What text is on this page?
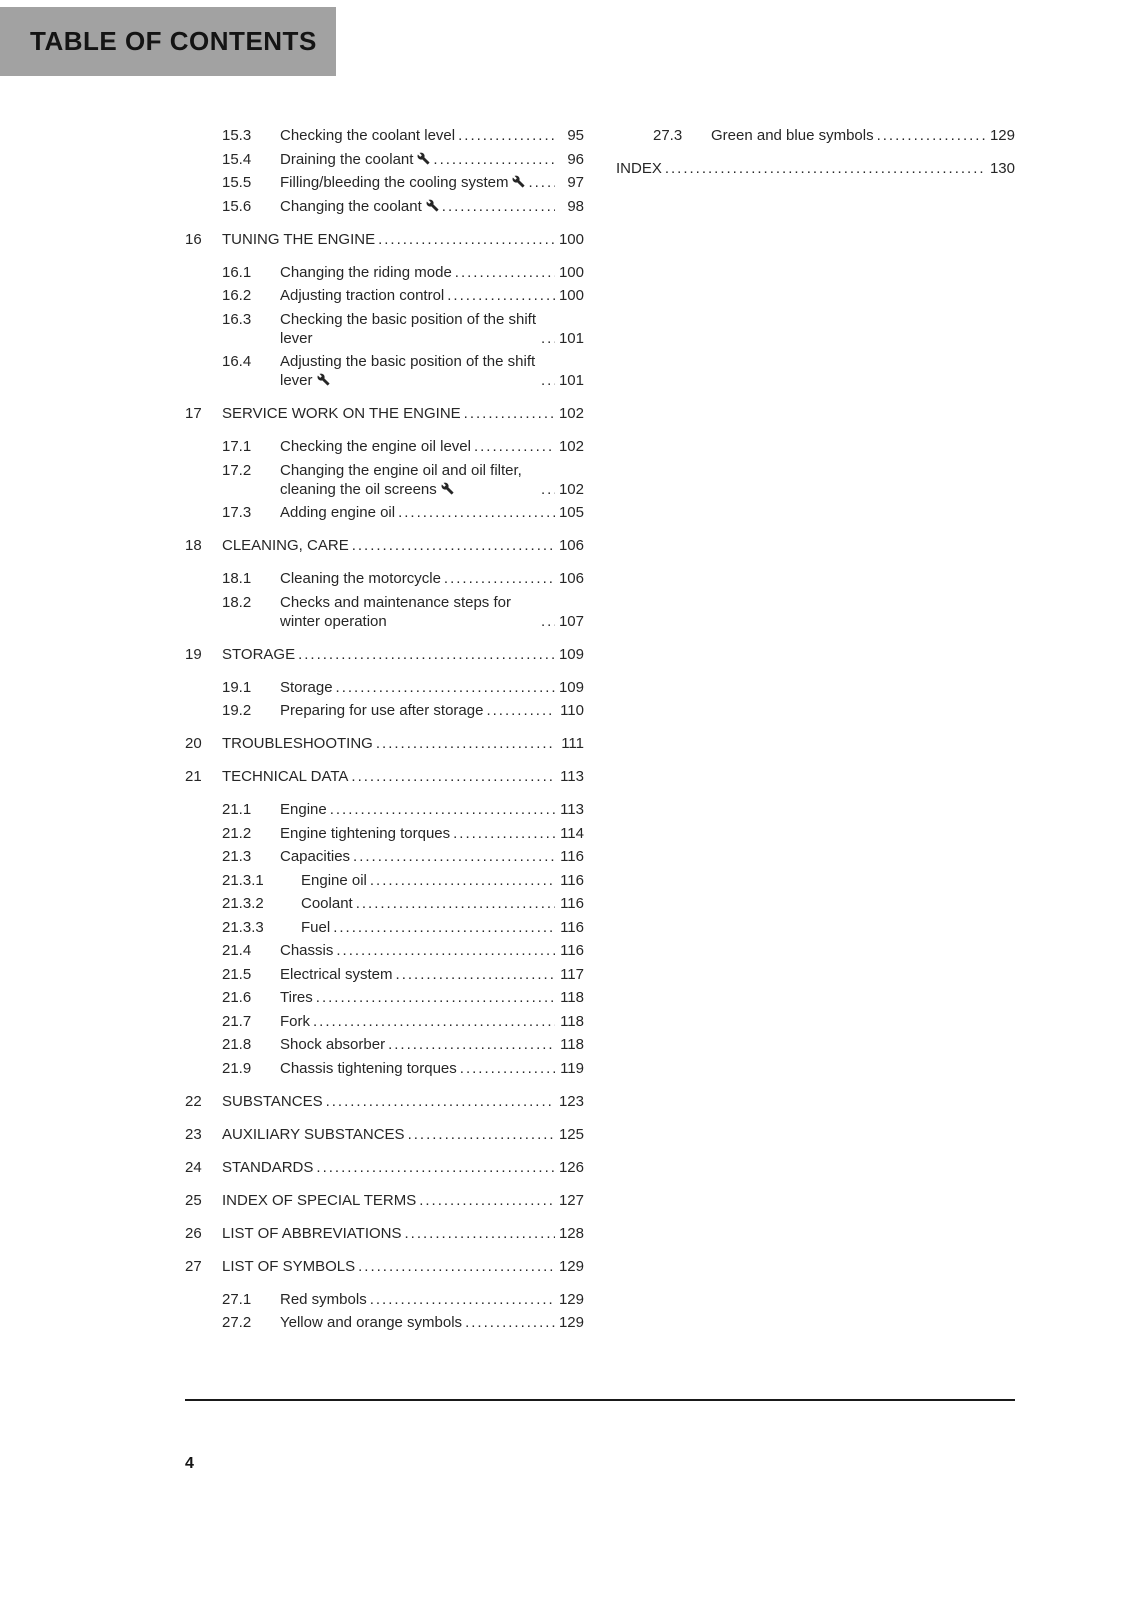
TABLE OF CONTENTS
15.3	Checking the coolant level .....	95
15.4	Draining the coolant .....	96
15.5	Filling/bleeding the cooling system .....	97
15.6	Changing the coolant .....	98
16	TUNING THE ENGINE .....	100
16.1	Changing the riding mode .....	100
16.2	Adjusting traction control .....	100
16.3	Checking the basic position of the shift lever .....	101
16.4	Adjusting the basic position of the shift lever .....	101
17	SERVICE WORK ON THE ENGINE .....	102
17.1	Checking the engine oil level .....	102
17.2	Changing the engine oil and oil filter, cleaning the oil screens .....	102
17.3	Adding engine oil .....	105
18	CLEANING, CARE .....	106
18.1	Cleaning the motorcycle .....	106
18.2	Checks and maintenance steps for winter operation .....	107
19	STORAGE .....	109
19.1	Storage .....	109
19.2	Preparing for use after storage .....	110
20	TROUBLESHOOTING .....	111
21	TECHNICAL DATA .....	113
21.1	Engine .....	113
21.2	Engine tightening torques .....	114
21.3	Capacities .....	116
21.3.1	Engine oil .....	116
21.3.2	Coolant .....	116
21.3.3	Fuel .....	116
21.4	Chassis .....	116
21.5	Electrical system .....	117
21.6	Tires .....	118
21.7	Fork .....	118
21.8	Shock absorber .....	118
21.9	Chassis tightening torques .....	119
22	SUBSTANCES .....	123
23	AUXILIARY SUBSTANCES .....	125
24	STANDARDS .....	126
25	INDEX OF SPECIAL TERMS .....	127
26	LIST OF ABBREVIATIONS .....	128
27	LIST OF SYMBOLS .....	129
27.1	Red symbols .....	129
27.2	Yellow and orange symbols .....	129
27.3	Green and blue symbols .....	129
INDEX .....	130
4
